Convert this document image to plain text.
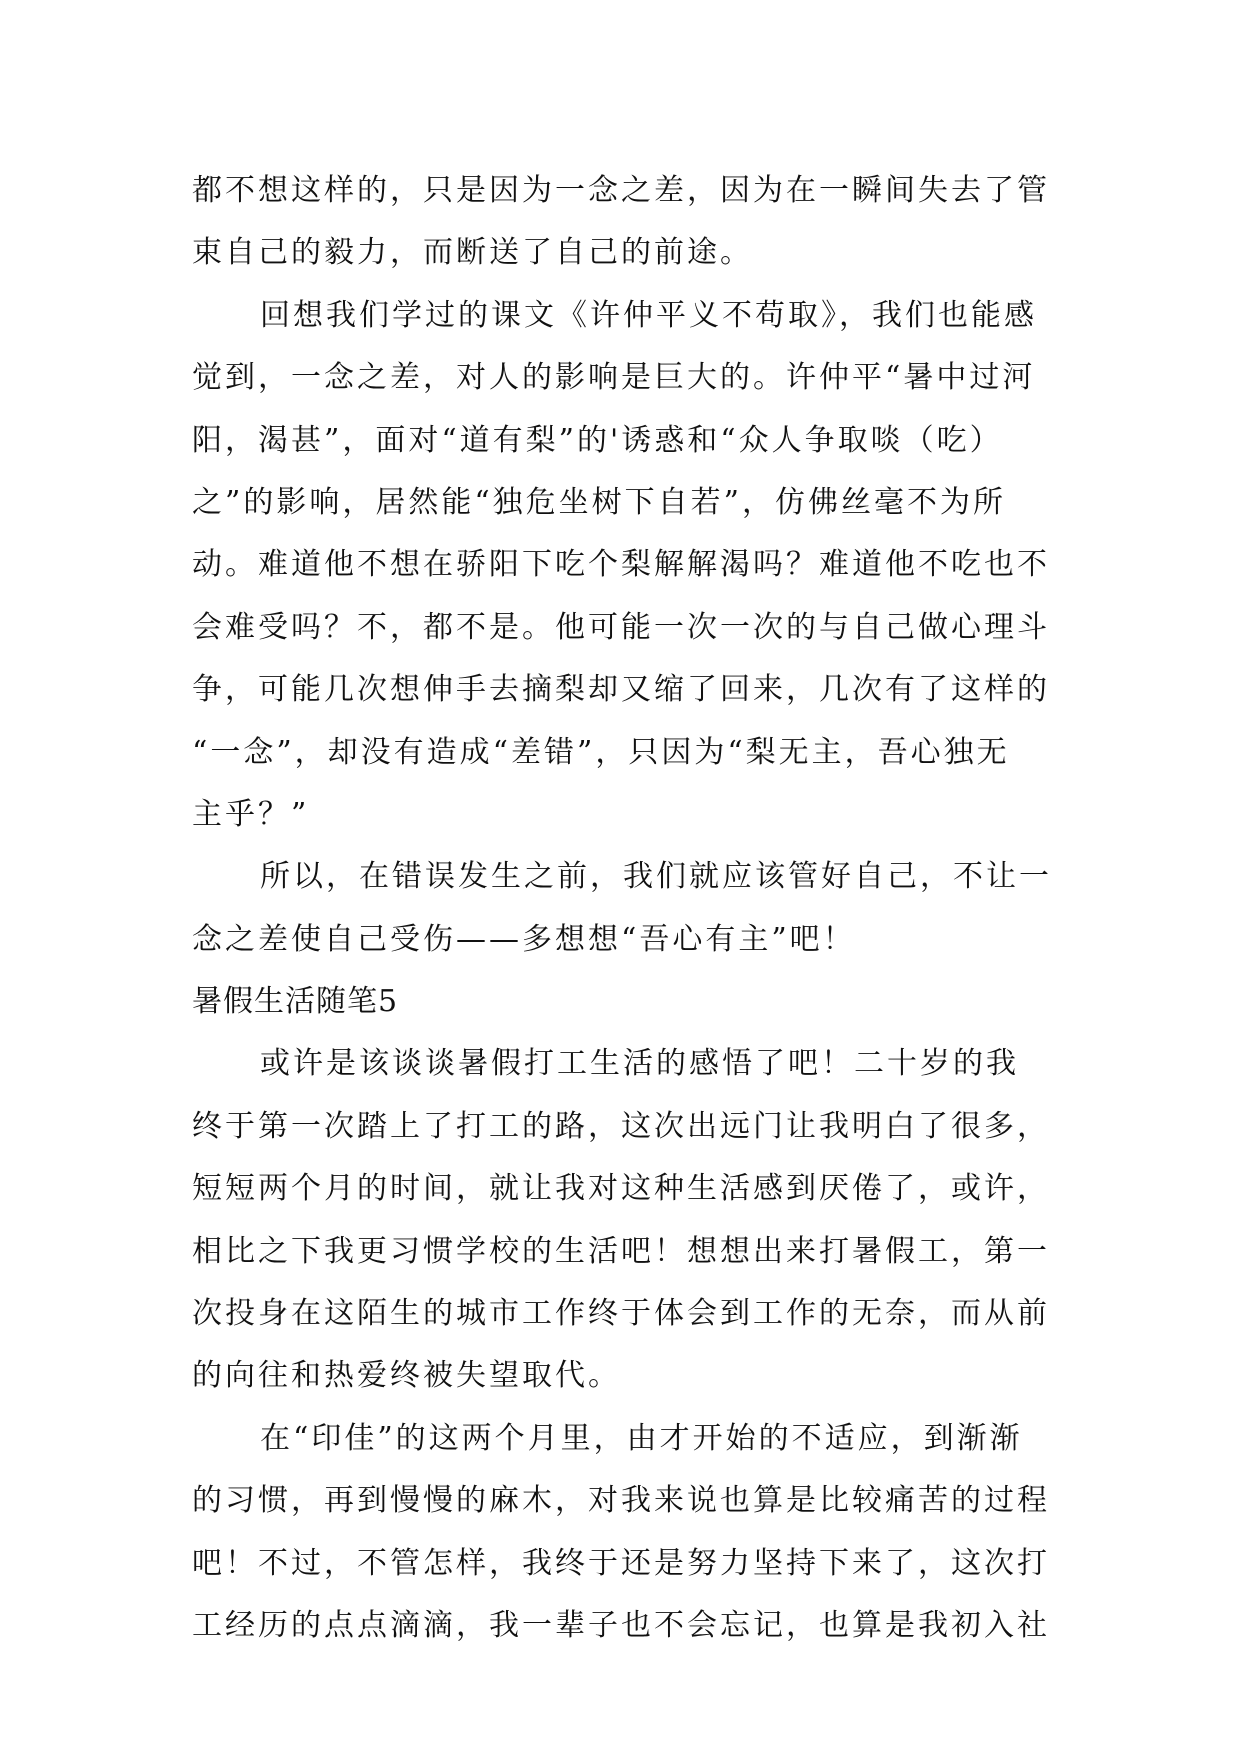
都不想这样的，只是因为一念之差，因为在一瞬间失去了管
束自己的毅力，而断送了自己的前途。
回想我们学过的课文《许仲平义不苟取》，我们也能感
觉到，一念之差，对人的影响是巨大的。许仲平“暑中过河
阳，渴甚”，面对“道有梨”的'诱惑和“众人争取啖（吃）
之”的影响，居然能“独危坐树下自若”，仿佛丝毫不为所
动。难道他不想在骄阳下吃个梨解解渴吗？难道他不吃也不
会难受吗？不，都不是。他可能一次一次的与自己做心理斗
争，可能几次想伸手去摘梨却又缩了回来，几次有了这样的
“一念”，却没有造成“差错”，只因为“梨无主，吾心独无
主乎？”
所以，在错误发生之前，我们就应该管好自己，不让一
念之差使自己受伤——多想想“吾心有主”吧！
暑假生活随笔5
或许是该谈谈暑假打工生活的感悟了吧！二十岁的我
终于第一次踏上了打工的路，这次出远门让我明白了很多，
短短两个月的时间，就让我对这种生活感到厌倦了，或许，
相比之下我更习惯学校的生活吧！想想出来打暑假工，第一
次投身在这陌生的城市工作终于体会到工作的无奈，而从前
的向往和热爱终被失望取代。
在“印佳”的这两个月里，由才开始的不适应，到渐渐
的习惯，再到慢慢的麻木，对我来说也算是比较痛苦的过程
吧！不过，不管怎样，我终于还是努力坚持下来了，这次打
工经历的点点滴滴，我一辈子也不会忘记，也算是我初入社
